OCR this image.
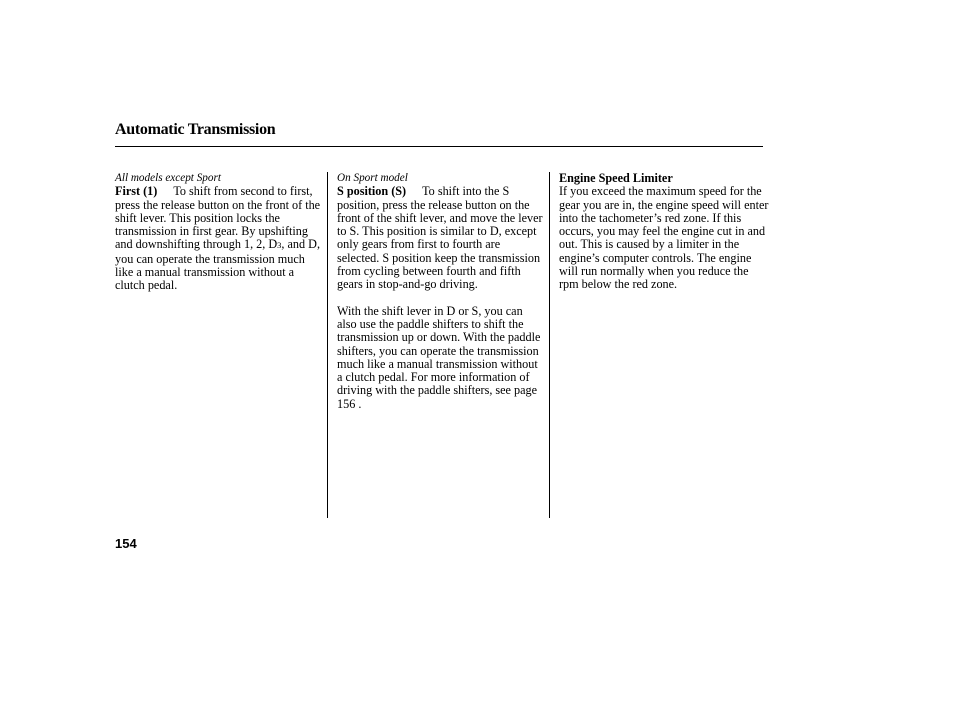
Automatic Transmission
All models except Sport

First (1) To shift from second to first, press the release button on the front of the shift lever. This position locks the transmission in first gear. By upshifting and downshifting through 1, 2, D3, and D, you can operate the transmission much like a manual transmission without a clutch pedal.

On Sport model

S position (S) To shift into the S position, press the release button on the front of the shift lever, and move the lever to S. This position is similar to D, except only gears from first to fourth are selected. S position keep the transmission from cycling between fourth and fifth gears in stop-and-go driving.

With the shift lever in D or S, you can also use the paddle shifters to shift the transmission up or down. With the paddle shifters, you can operate the transmission much like a manual transmission without a clutch pedal. For more information of driving with the paddle shifters, see page 156 .

Engine Speed Limiter

If you exceed the maximum speed for the gear you are in, the engine speed will enter into the tachometer’s red zone. If this occurs, you may feel the engine cut in and out. This is caused by a limiter in the engine’s computer controls. The engine will run normally when you reduce the rpm below the red zone.

154
